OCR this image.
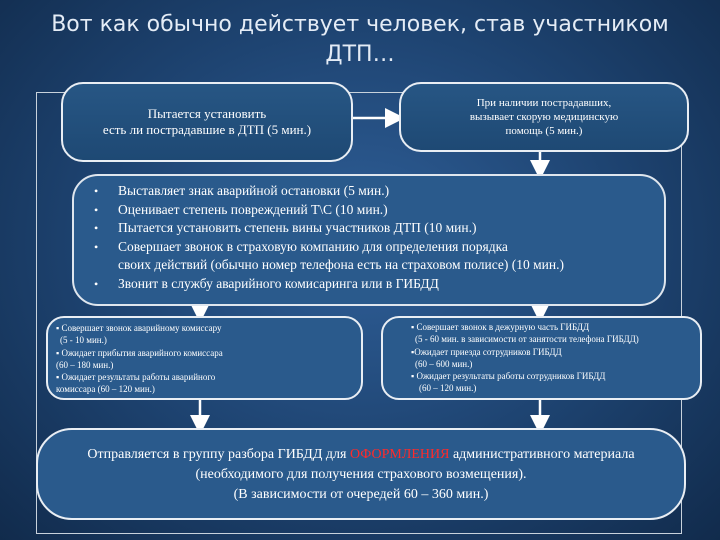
Вот как обычно действует человек, став участником
ДТП…
Пытается установить
есть ли пострадавшие в ДТП (5 мин.)
При наличии пострадавших,
вызывает скорую медицинскую
помощь (5 мин.)
• Выставляет знак аварийной остановки (5 мин.)
• Оценивает степень повреждений Т\С (10 мин.)
• Пытается установить степень вины участников ДТП (10 мин.)
• Совершает звонок в страховую компанию для определения порядка
своих действий (обычно номер телефона есть на страховом полисе) (10 мин.)
• Звонит в службу аварийного комисаринга или в ГИБДД

▪ Совершает звонок аварийному комиссару

(5 - 10 мин.)

▪ Ожидает прибытия аварийного комиссара

(60 – 180 мин.)

▪ Ожидает результаты работы аварийного

комиссара (60 – 120 мин.)

▪ Совершает звонок в дежурную часть ГИБДД

(5 - 60 мин. в зависимости от занятости телефона ГИБДД)

▪Ожидает приезда сотрудников ГИБДД

(60 – 600 мин.)

▪ Ожидает результаты работы сотрудников ГИБДД

(60 – 120 мин.)

Отправляется в группу разбора ГИБДД для ОФОРМЛЕНИЯ административного материала

(необходимого для получения страхового возмещения).

(В зависимости от очередей 60 – 360 мин.)
